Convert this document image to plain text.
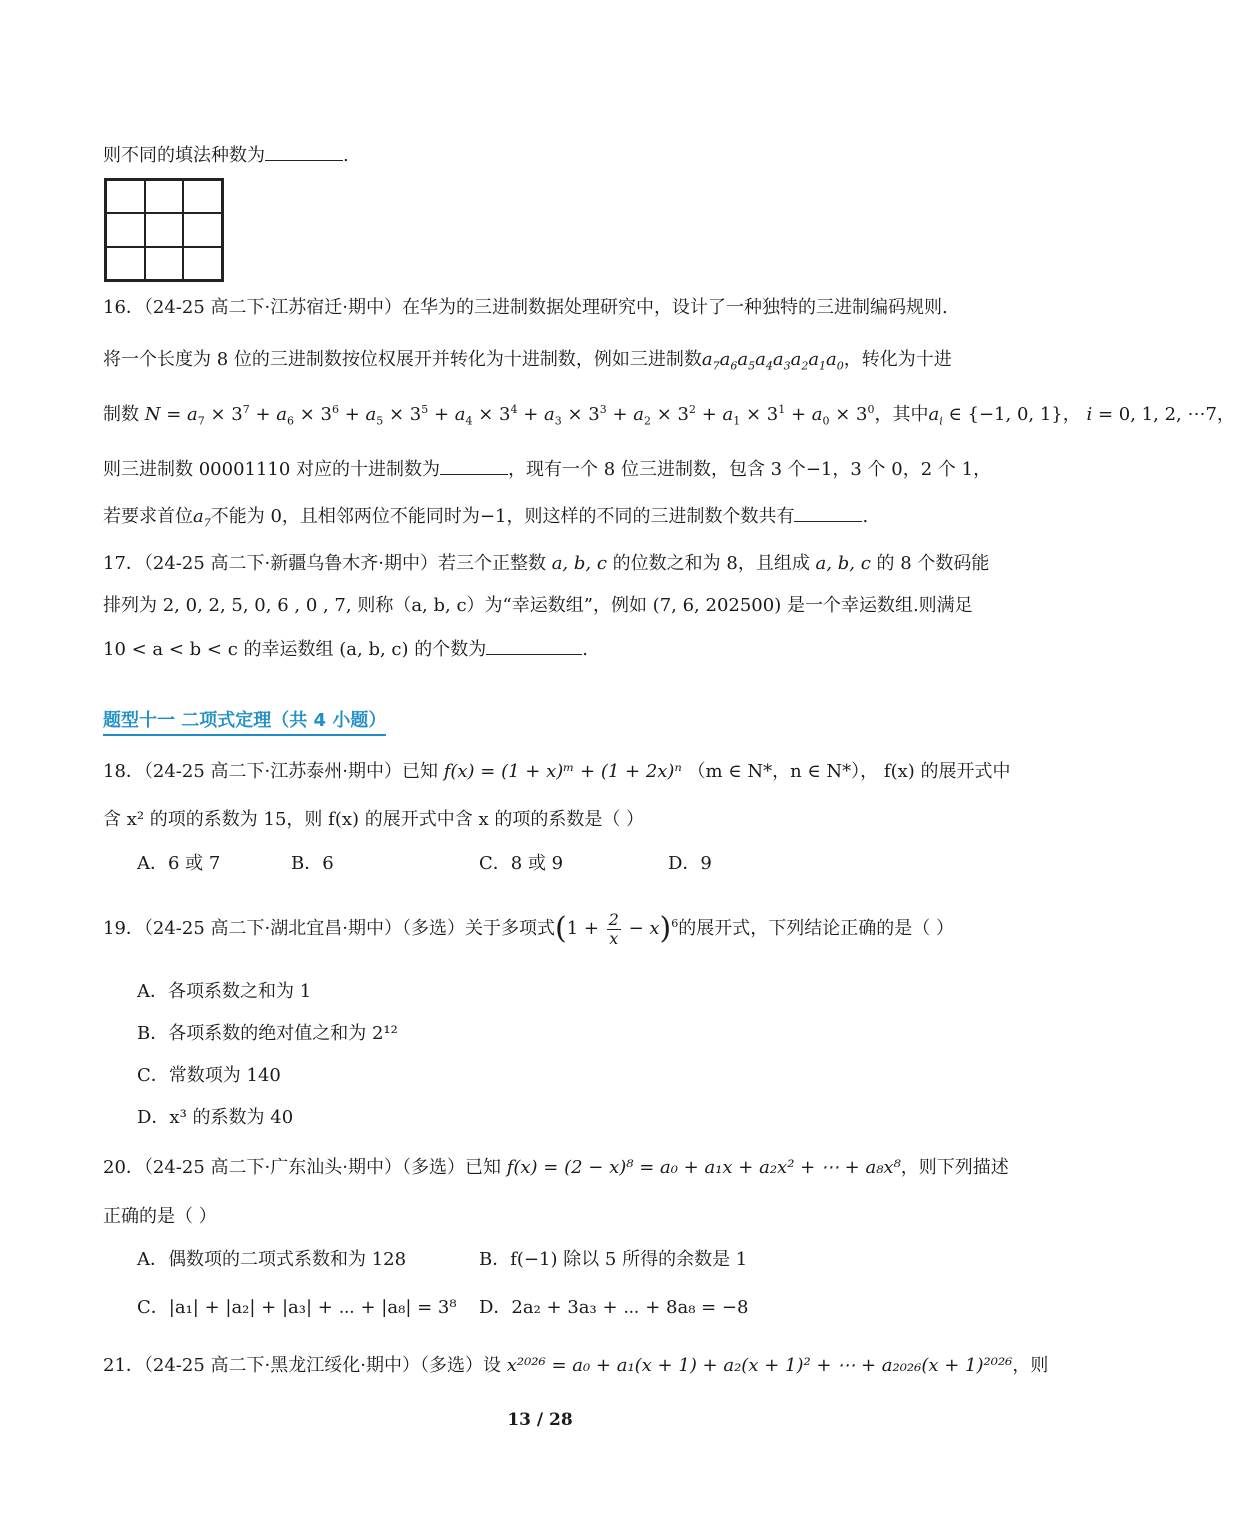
则不同的填法种数为	.
16．（24-25 高二下·江苏宿迁·期中）在华为的三进制数据处理研究中，设计了一种独特的三进制编码规则.
将一个长度为 8 位的三进制数按位权展开并转化为十进制数，例如三进制数$a_7a_6a_5a_4a_3a_2a_1a_0$，转化为十进
制数 $N = a_7 \times 3^7 + a_6 \times 3^6 + a_5 \times 3^5 + a_4 \times 3^4 + a_3 \times 3^3 + a_2 \times 3^2 + a_1 \times 3^1 + a_0 \times 3^0$，其中$a_i$ ∈ {−1, 0, 1}， i = 0, 1, 2, ⋯7，
则三进制数 00001110 对应的十进制数为	，现有一个 8 位三进制数，包含 3 个−1，3 个 0，2 个 1，
若要求首位$a_7$不能为 0，且相邻两位不能同时为−1，则这样的不同的三进制数个数共有	.
17．（24-25 高二下·新疆乌鲁木齐·期中）若三个正整数 a, b, c 的位数之和为 8，且组成 a, b, c 的 8 个数码能
排列为 2, 0, 2, 5, 0, 6 , 0 , 7, 则称（a, b, c）为“幸运数组”，例如 (7, 6, 202500) 是一个幸运数组.则满足
10 < a < b < c 的幸运数组 (a, b, c) 的个数为	.
题型十一 二项式定理（共 4 小题）
18．（24-25 高二下·江苏泰州·期中）已知 f(x) = (1 + x)ᵐ + (1 + 2x)ⁿ （m ∈ N*，n ∈ N*）， f(x) 的展开式中
含 x² 的项的系数为 15，则 f(x) 的展开式中含 x 的项的系数是（ ）
A．6 或 7	B．6	C．8 或 9	D．9
19．（24-25 高二下·湖北宜昌·期中）（多选）关于多项式$(1 + \frac{2}{x} - x)^6$的展开式，下列结论正确的是（ ）
A．各项系数之和为 1
B．各项系数的绝对值之和为 2¹²
C．常数项为 140
D．x³ 的系数为 40
20．（24-25 高二下·广东汕头·期中）（多选）已知 f(x) = (2 − x)⁸ = a₀ + a₁x + a₂x² + ⋯ + a₈x⁸，则下列描述
正确的是（ ）
A．偶数项的二项式系数和为 128	B．f(−1) 除以 5 所得的余数是 1
C．|a₁| + |a₂| + |a₃| + ⋯ + |a₈| = 3⁸ D．2a₂ + 3a₃ + ⋯ + 8a₈ = −8
21．（24-25 高二下·黑龙江绥化·期中）（多选）设 x²⁰²⁶ = a₀ + a₁(x + 1) + a₂(x + 1)² + ⋯ + a₂₀₂₆(x + 1)²⁰²⁶，则
13 / 28
